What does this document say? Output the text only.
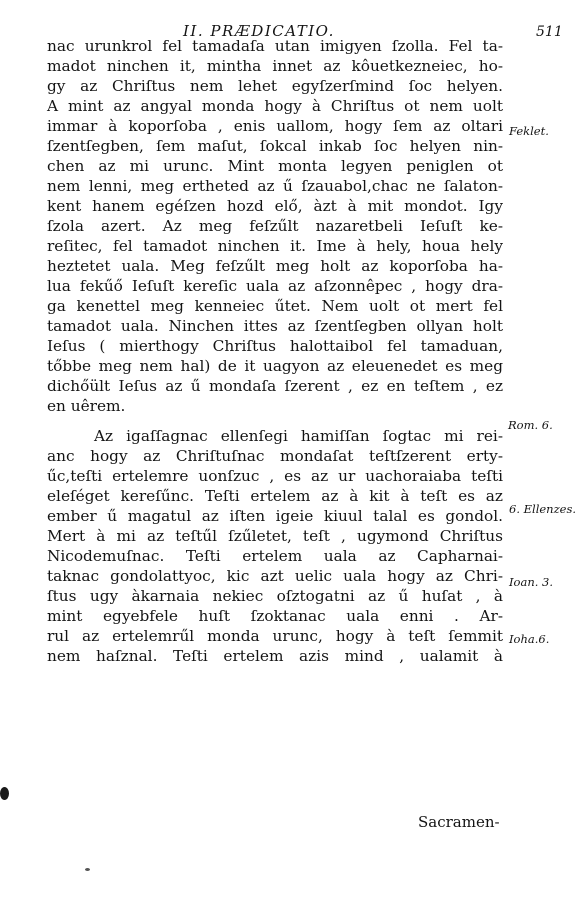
II. PRÆDICATIO.	511
nac urunkrol fel tamadaſa utan imigyen ſzolla. Fel ta-
madot ninchen it, mintha innet az kôuetkezneiec, ho-
gy az Chriſtus nem lehet egyſzerſmind ſoc helyen.
A mint az angyal monda hogy à Chriſtus ot nem uolt
immar à koporſoba , enis uallom, hogy ſem az oltari
ſzentſegben, ſem maſut, ſokcal inkab ſoc helyen nin-
chen az mi urunc. Mint monta legyen peniglen ot
nem lenni, meg ertheted az ű ſzauabol,chac ne ſalaton-
kent hanem egéſzen hozd elő, àzt à mit mondot. Igy
ſzola azert. Az meg feſzűlt nazaretbeli Ieſuſt ke-
reſitec, fel tamadot ninchen it. Ime à hely, houa hely
heztetet uala. Meg feſzűlt meg holt az koporſoba ha-
lua fekűő Ieſuſt kereſic uala az aſzonnêpec , hogy dra-
ga kenettel meg kenneiec űtet. Nem uolt ot mert fel
tamadot uala. Ninchen ittes az ſzentſegben ollyan holt
Ieſus ( mierthogy Chriſtus halottaibol fel tamaduan,
tőbbe meg nem hal) de it uagyon az eleuenedet es meg
dichőült Ieſus az ű mondaſa ſzerent , ez en teſtem , ez
en uêrem.
Az igaſſagnac ellenſegi hamiſſan ſogtac mi rei-
anc hogy az Chriſtuſnac mondaſat teſtſzerent erty-
űc,teſti ertelemre uonſzuc , es az ur uachoraiaba teſti
eleſéget kereſűnc. Teſti ertelem az à kit à teſt es az
ember ű magatul az iſten igeie kiuul talal es gondol.
Mert à mi az teſtűl ſzűletet, teſt , ugymond Chriſtus
Nicodemuſnac. Teſti ertelem uala az Capharnai-
taknac gondolattyoc, kic azt uelic uala hogy az Chri-
ſtus ugy àkarnaia nekiec oſztogatni az ű huſat , à
mint egyebfele huſt ſzoktanac uala enni . Ar-
rul az ertelemrűl monda urunc, hogy à teſt ſemmit
nem haſznal. Teſti ertelem azis mind , ualamit à
Sacramen-
Feklet.
Rom. 6.
6. Ellenzes.
Ioan. 3.
Ioha.6.
